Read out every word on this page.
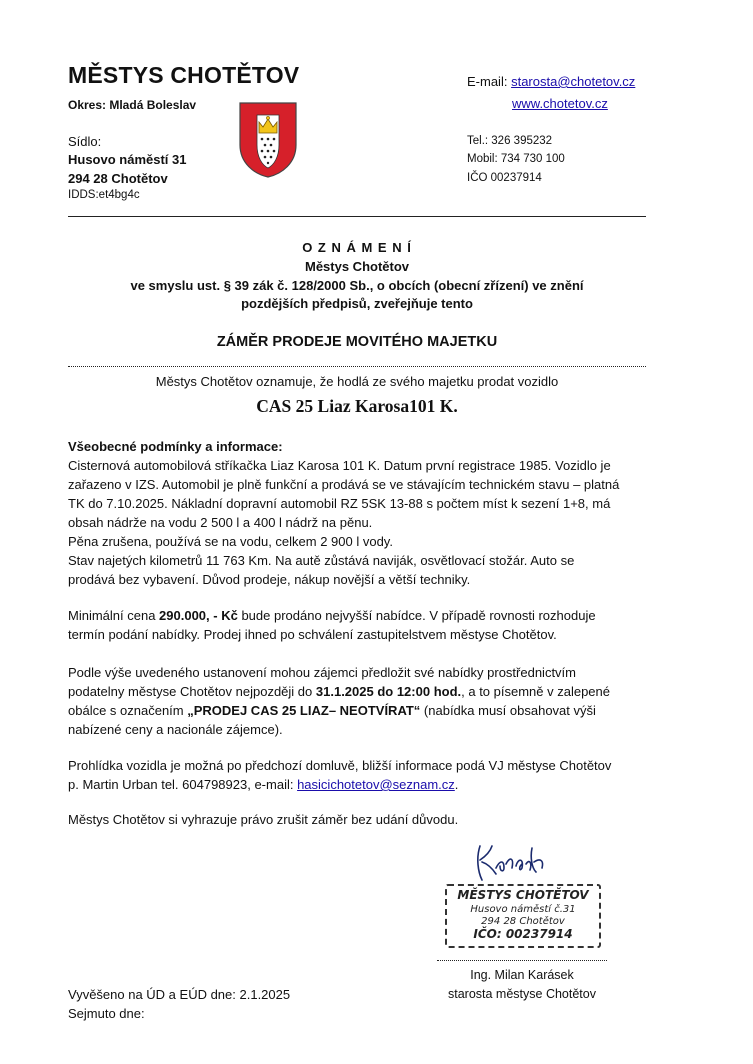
MĚSTYS CHOTĚTOV
Okres: Mladá Boleslav
E-mail: starosta@chotetov.cz
www.chotetov.cz
Sídlo:
Husovo náměstí 31
294 28 Chotětov
IDDS:et4bg4c
Tel.: 326 395232
Mobil: 734 730 100
IČO 00237914
O Z N Á M E N Í
Městys Chotětov
ve smyslu ust. § 39 zák č. 128/2000 Sb., o obcích (obecní zřízení) ve znění
pozdějších předpisů, zveřejňuje tento
ZÁMĚR PRODEJE MOVITÉHO MAJETKU
Městys Chotětov oznamuje, že hodlá ze svého majetku prodat vozidlo
CAS 25 Liaz Karosa101 K.

Všeobecné podmínky a informace:

Cisternová automobilová stříkačka Liaz Karosa 101 K. Datum první registrace 1985. Vozidlo je

zařazeno v IZS. Automobil je plně funkční a prodává se ve stávajícím technickém stavu – platná

TK do 7.10.2025. Nákladní dopravní automobil RZ 5SK 13-88 s počtem míst k sezení 1+8, má

obsah nádrže na vodu 2 500 l a 400 l nádrž na pěnu.

Pěna zrušena, používá se na vodu, celkem 2 900 l vody.

Stav najetých kilometrů 11 763 Km. Na autě zůstává naviják, osvětlovací stožár. Auto se

prodává bez vybavení. Důvod prodeje, nákup novější a větší techniky.

Minimální cena 290.000, - Kč bude prodáno nejvyšší nabídce. V případě rovnosti rozhoduje

termín podání nabídky. Prodej ihned po schválení zastupitelstvem městyse Chotětov.

Podle výše uvedeného ustanovení mohou zájemci předložit své nabídky prostřednictvím

podatelny městyse Chotětov nejpozději do 31.1.2025 do 12:00 hod., a to písemně v zalepené

obálce s označením „PRODEJ CAS 25 LIAZ– NEOTVÍRAT“ (nabídka musí obsahovat výši

nabízené ceny a nacionále zájemce).

Prohlídka vozidla je možná po předchozí domluvě, bližší informace podá VJ městyse Chotětov

p. Martin Urban tel. 604798923, e-mail: hasicichotetov@seznam.cz.

Městys Chotětov si vyhrazuje právo zrušit záměr bez udání důvodu.

MĚSTYS CHOTĚTOV
Husovo náměstí č.31
294 28 Chotětov
IČO: 00237914
Ing. Milan Karásek
starosta městyse Chotětov
Vyvěšeno na ÚD a EÚD dne: 2.1.2025
Sejmuto dne:
